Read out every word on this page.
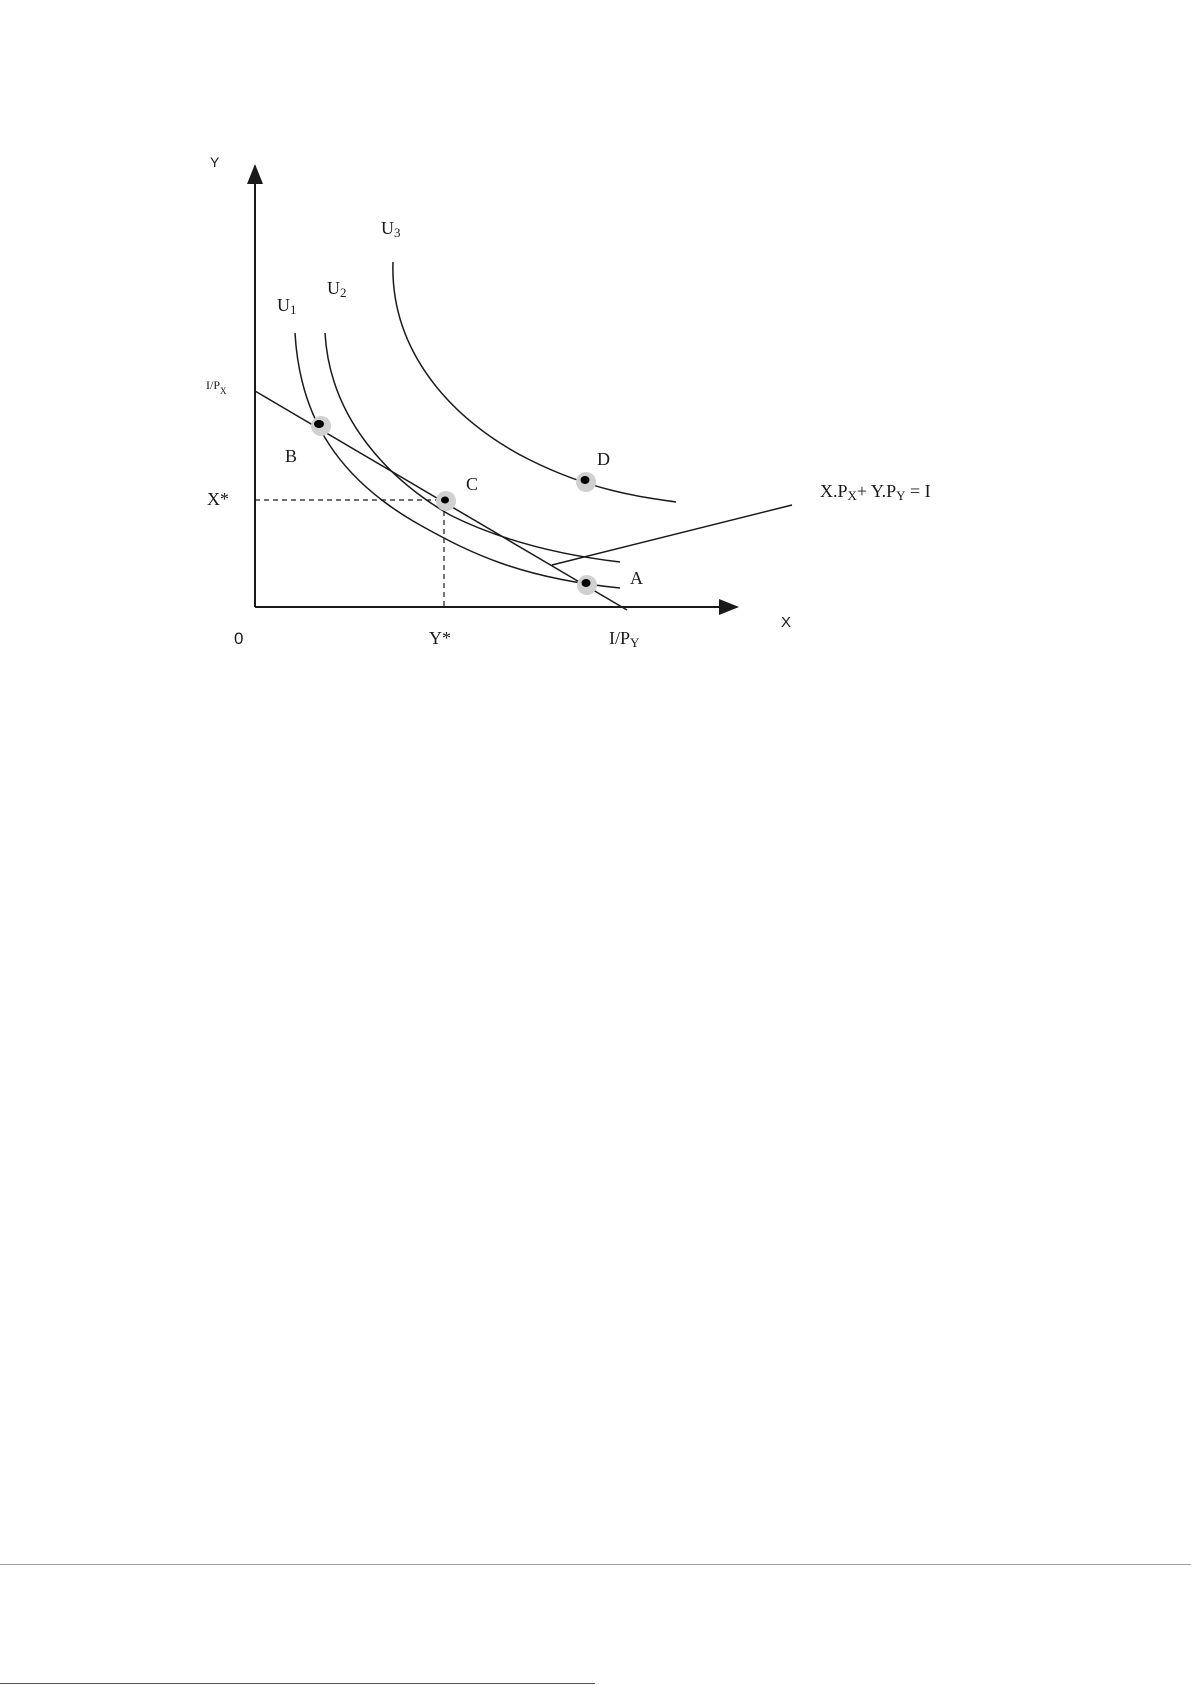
Y
X
0
$I/P_X$
I/PY
X*
Y*
U1
U2
U3
B
C
D
A
X.PX+ Y.PY = I
